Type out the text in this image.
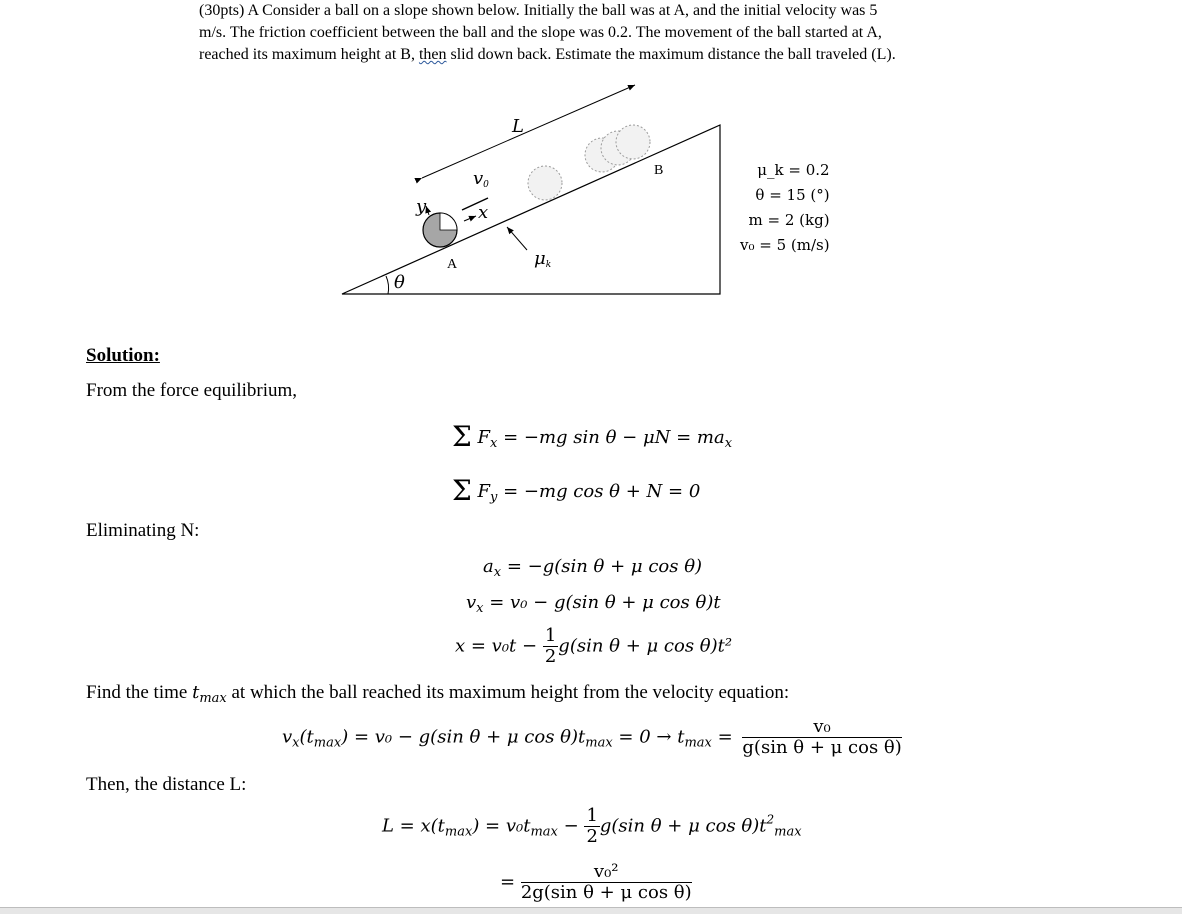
(30pts) A Consider a ball on a slope shown below. Initially the ball was at A, and the initial velocity was 5

m/s. The friction coefficient between the ball and the slope was 0.2. The movement of the ball started at A,

reached its maximum height at B, then slid down back. Estimate the maximum distance the ball traveled (L).

θ
L
B
A
v0
x
y
μk
μ_k = 0.2
θ = 15 (°)
m = 2 (kg)
v₀ = 5 (m/s)
Solution:
From the force equilibrium,
Σ $F_x = -mg$ $\sin \theta - \mu N = ma_x$
Σ $F_y = -mg$ cos θ + N = 0
Eliminating N:
$a_x = -g(\sin$ θ + μ cos θ)
$v_x = v_0 - g(\sin$ θ + μ cos θ)t
$x = v_0t - \frac{1}{2} g(\sin$ θ + μ cos θ)t²
Find the time $t_{max}$ at which the ball reached its maximum height from the velocity equation:
$v_x(t_{max}) = v_0 - g(\sin$ θ + μ $\cos \theta)t_{max} = 0 \to t_{max} = \frac{\text{v₀}}{\text{g(sin θ + μ cos θ)}}$
Then, the distance L:
$L = x(t_{max}) = v_0t_{max} - \frac{1}{2} g(\sin$ θ + μ $\cos \theta)t^2_{max}$
= $\frac{\text{v₀²}}{\text{2g(sin θ + μ cos θ)}}$
